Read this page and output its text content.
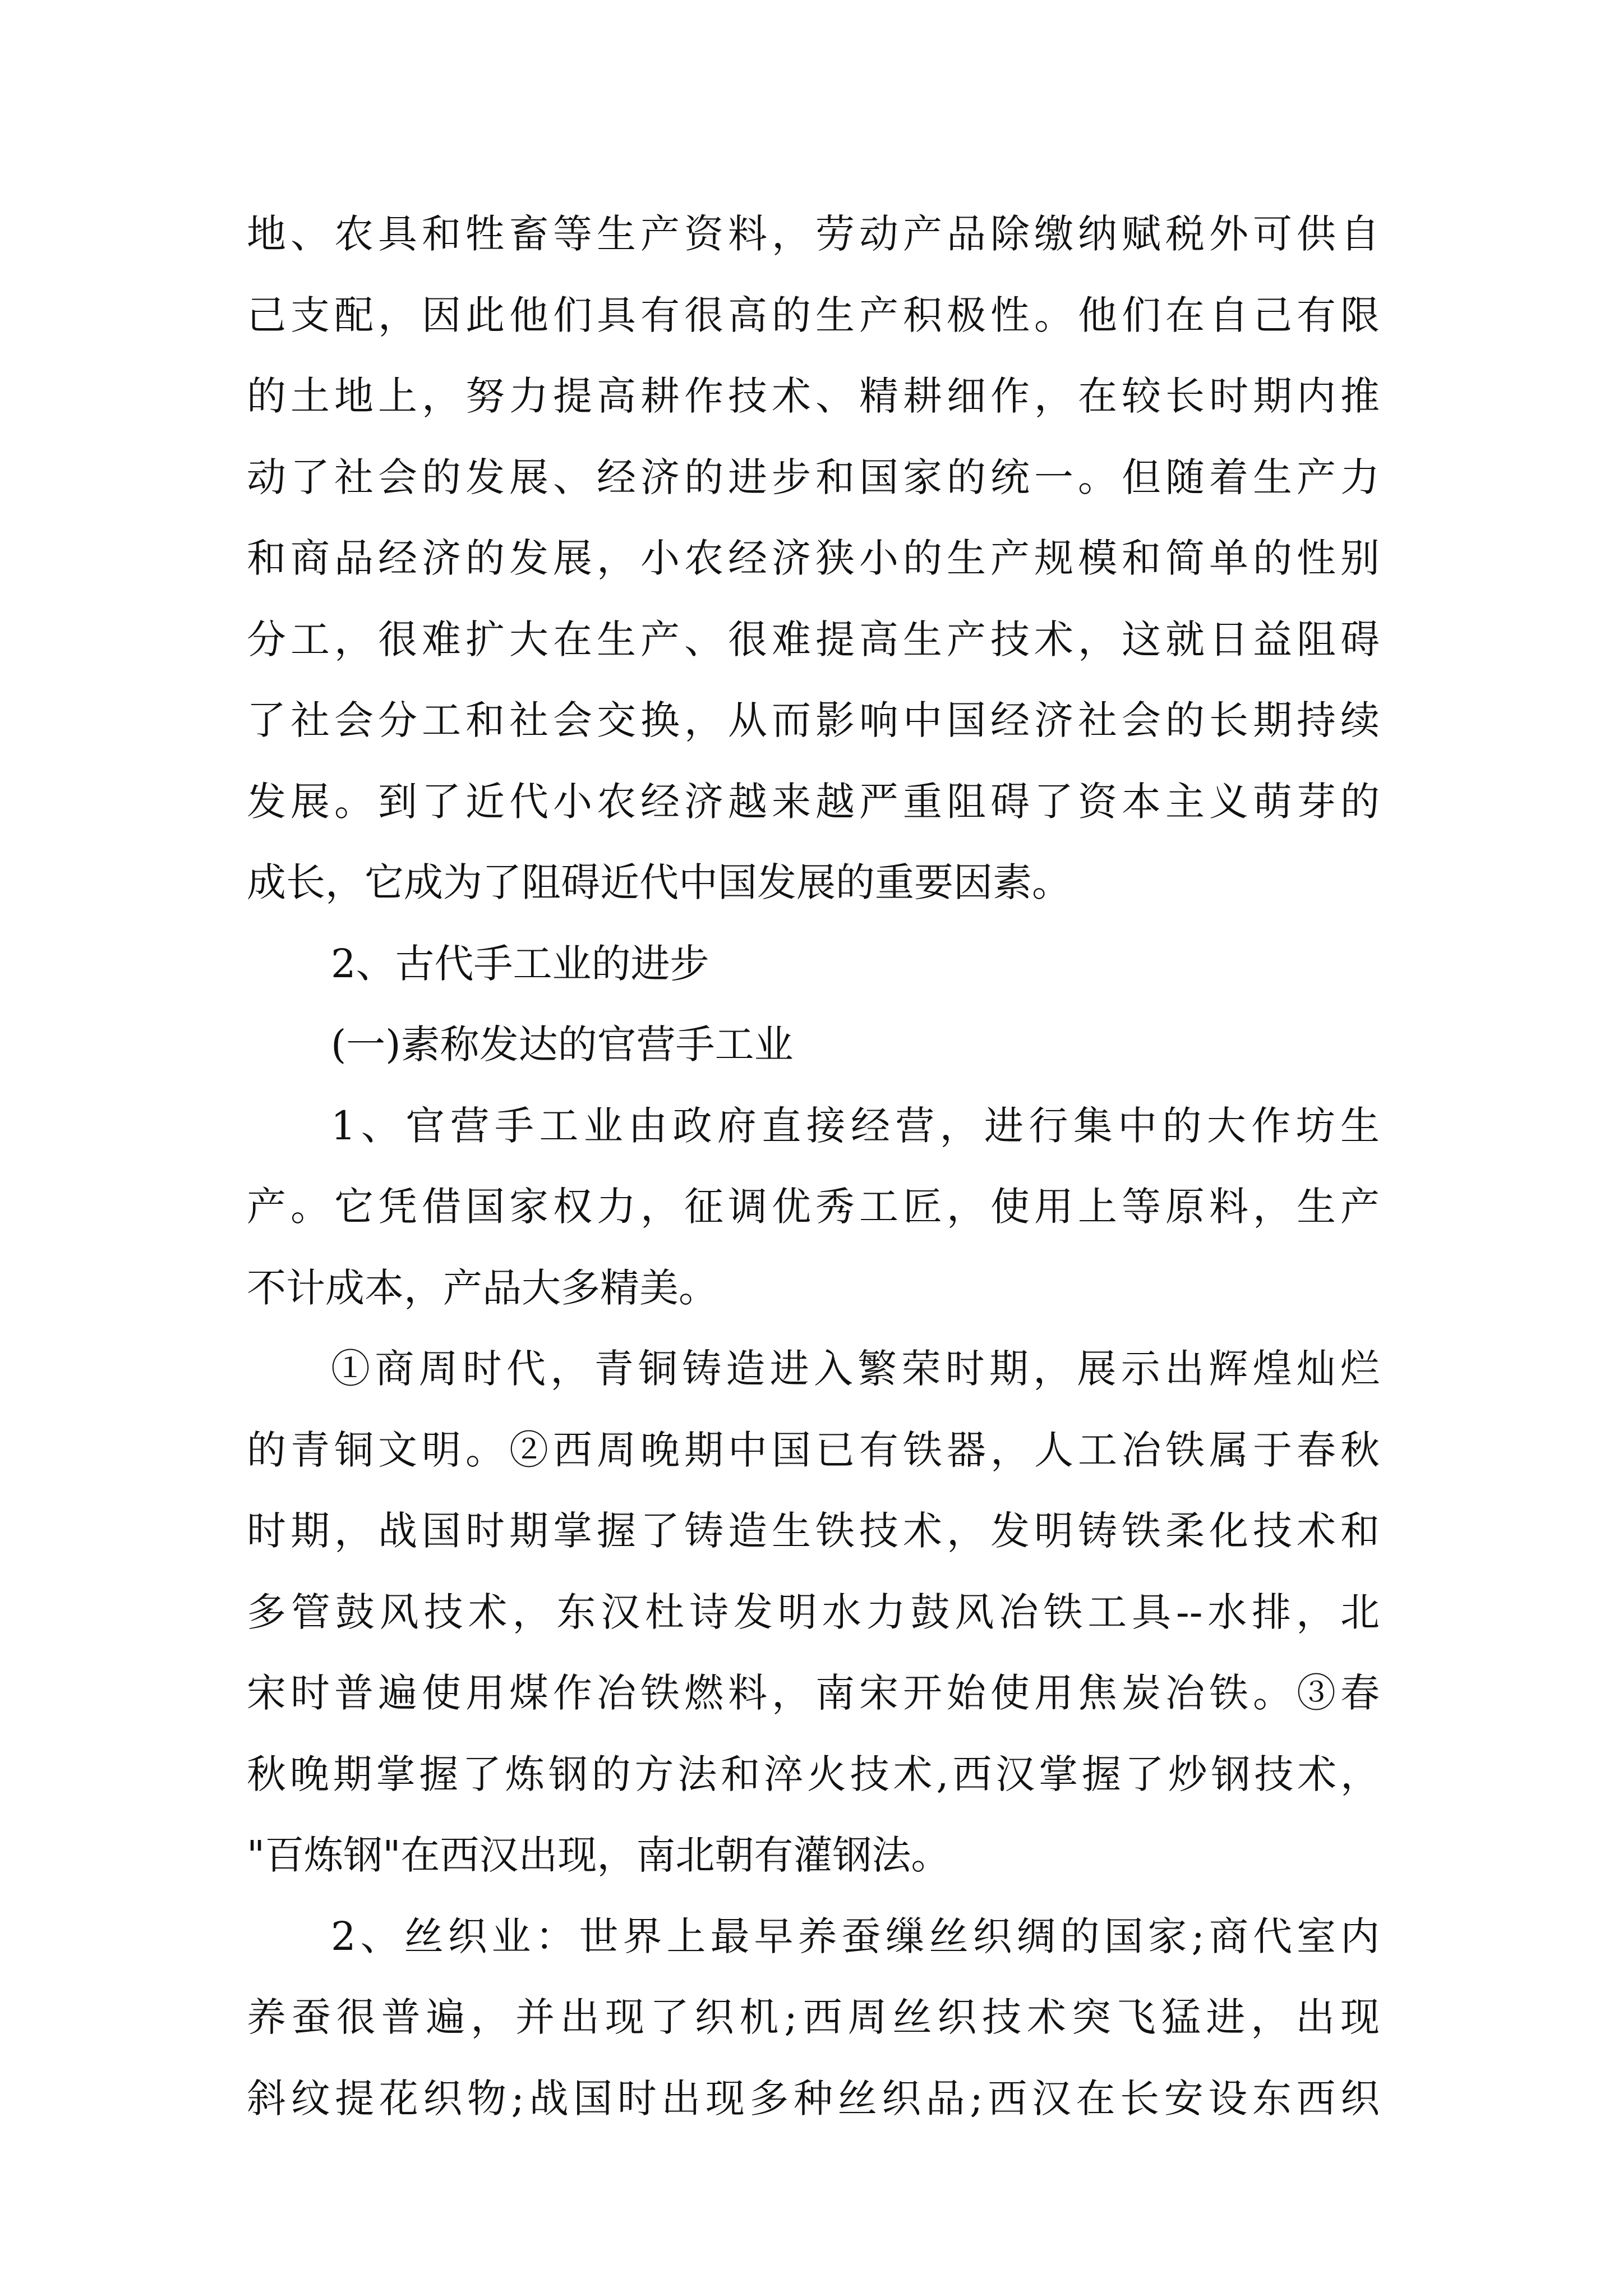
地、农具和牲畜等生产资料，劳动产品除缴纳赋税外可供自
己支配，因此他们具有很高的生产积极性。他们在自己有限
的土地上，努力提高耕作技术、精耕细作，在较长时期内推
动了社会的发展、经济的进步和国家的统一。但随着生产力
和商品经济的发展，小农经济狭小的生产规模和简单的性别
分工，很难扩大在生产、很难提高生产技术，这就日益阻碍
了社会分工和社会交换，从而影响中国经济社会的长期持续
发展。到了近代小农经济越来越严重阻碍了资本主义萌芽的
成长，它成为了阻碍近代中国发展的重要因素。
2、古代手工业的进步
(一)素称发达的官营手工业
1、官营手工业由政府直接经营，进行集中的大作坊生
产。它凭借国家权力，征调优秀工匠，使用上等原料，生产
不计成本，产品大多精美。
①商周时代，青铜铸造进入繁荣时期，展示出辉煌灿烂
的青铜文明。②西周晚期中国已有铁器，人工冶铁属于春秋
时期，战国时期掌握了铸造生铁技术，发明铸铁柔化技术和
多管鼓风技术，东汉杜诗发明水力鼓风冶铁工具--水排，北
宋时普遍使用煤作冶铁燃料，南宋开始使用焦炭冶铁。③春
秋晚期掌握了炼钢的方法和淬火技术,西汉掌握了炒钢技术，
"百炼钢"在西汉出现，南北朝有灌钢法。
2、丝织业：世界上最早养蚕缫丝织绸的国家;商代室内
养蚕很普遍，并出现了织机;西周丝织技术突飞猛进，出现
斜纹提花织物;战国时出现多种丝织品;西汉在长安设东西织
